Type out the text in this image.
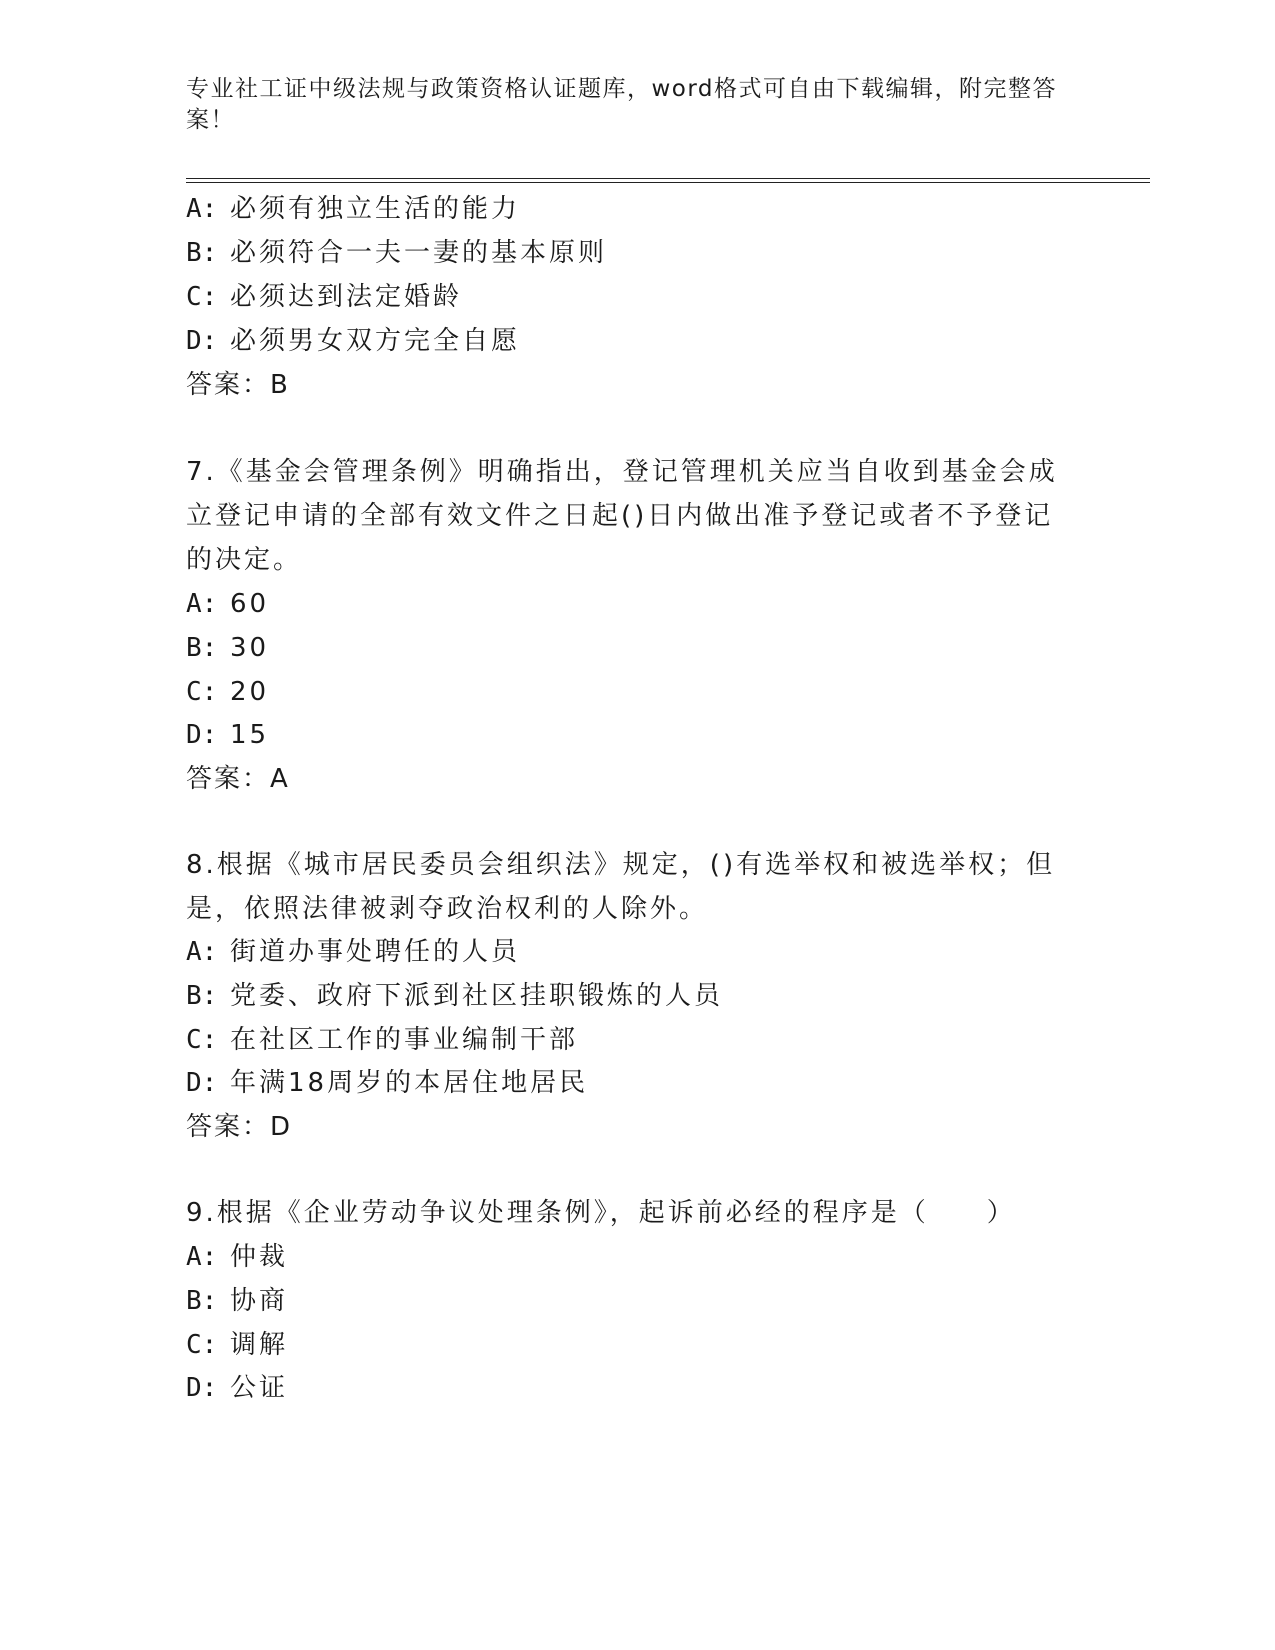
专业社工证中级法规与政策资格认证题库，word格式可自由下载编辑，附完整答
案！
A: 必须有独立生活的能力
B: 必须符合一夫一妻的基本原则
C: 必须达到法定婚龄
D: 必须男女双方完全自愿
答案：B
7.《基金会管理条例》明确指出，登记管理机关应当自收到基金会成
立登记申请的全部有效文件之日起()日内做出准予登记或者不予登记
的决定。
A: 60
B: 30
C: 20
D: 15
答案：A
8.根据《城市居民委员会组织法》规定，()有选举权和被选举权；但
是，依照法律被剥夺政治权利的人除外。
A: 街道办事处聘任的人员
B: 党委、政府下派到社区挂职锻炼的人员
C: 在社区工作的事业编制干部
D: 年满18周岁的本居住地居民
答案：D
9.根据《企业劳动争议处理条例》，起诉前必经的程序是（　　）
A: 仲裁
B: 协商
C: 调解
D: 公证
